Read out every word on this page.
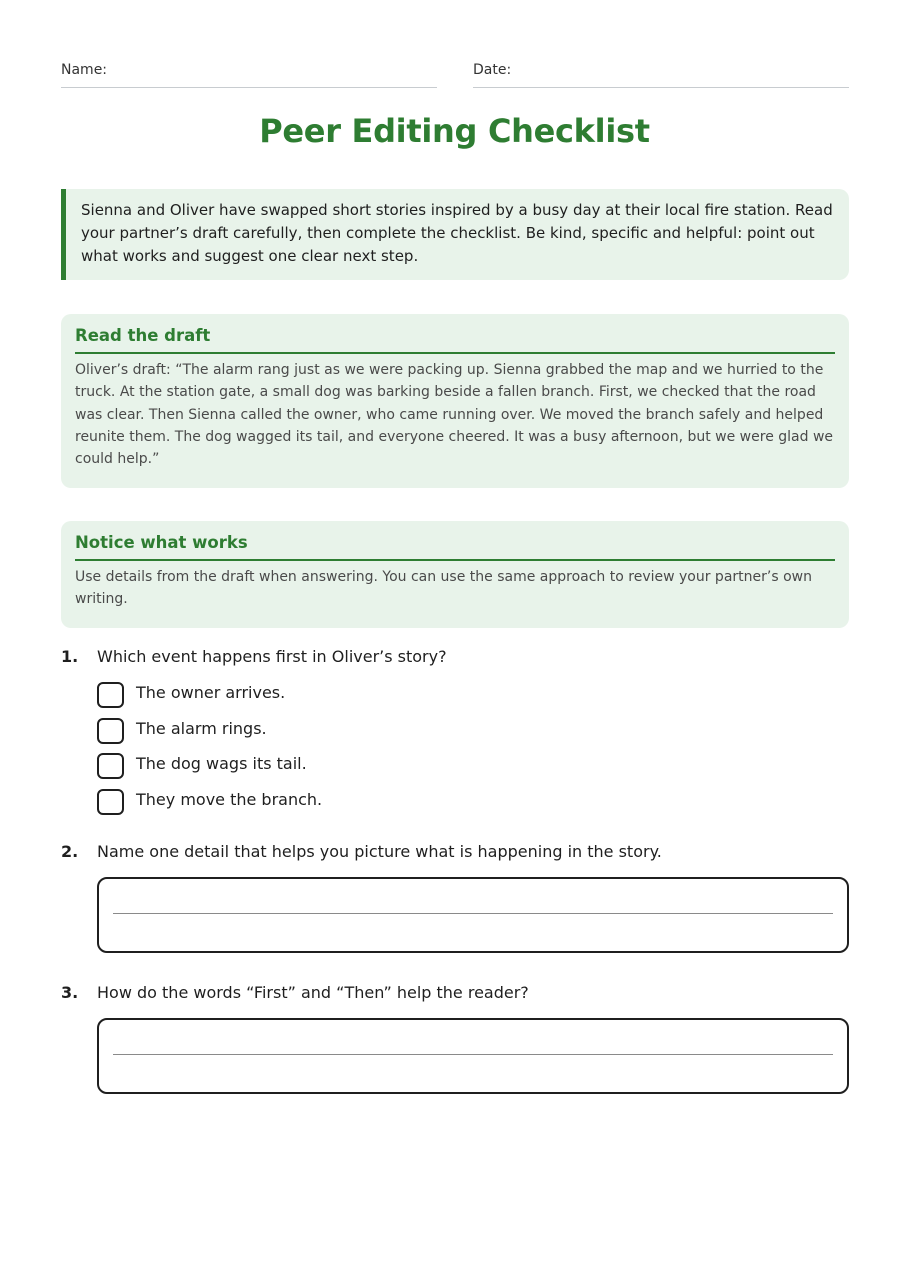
Name:	Date:
Peer Editing Checklist
Sienna and Oliver have swapped short stories inspired by a busy day at their local fire station. Read your partner’s draft carefully, then complete the checklist. Be kind, specific and helpful: point out what works and suggest one clear next step.
Read the draft

Oliver’s draft: “The alarm rang just as we were packing up. Sienna grabbed the map and we hurried to the truck. At the station gate, a small dog was barking beside a fallen branch. First, we checked that the road was clear. Then Sienna called the owner, who came running over. We moved the branch safely and helped reunite them. The dog wagged its tail, and everyone cheered. It was a busy afternoon, but we were glad we could help.”

Notice what works

Use details from the draft when answering. You can use the same approach to review your partner’s own writing.

1. Which event happens first in Oliver’s story?
The owner arrives.
The alarm rings.
The dog wags its tail.
They move the branch.
2. Name one detail that helps you picture what is happening in the story.
3. How do the words “First” and “Then” help the reader?
